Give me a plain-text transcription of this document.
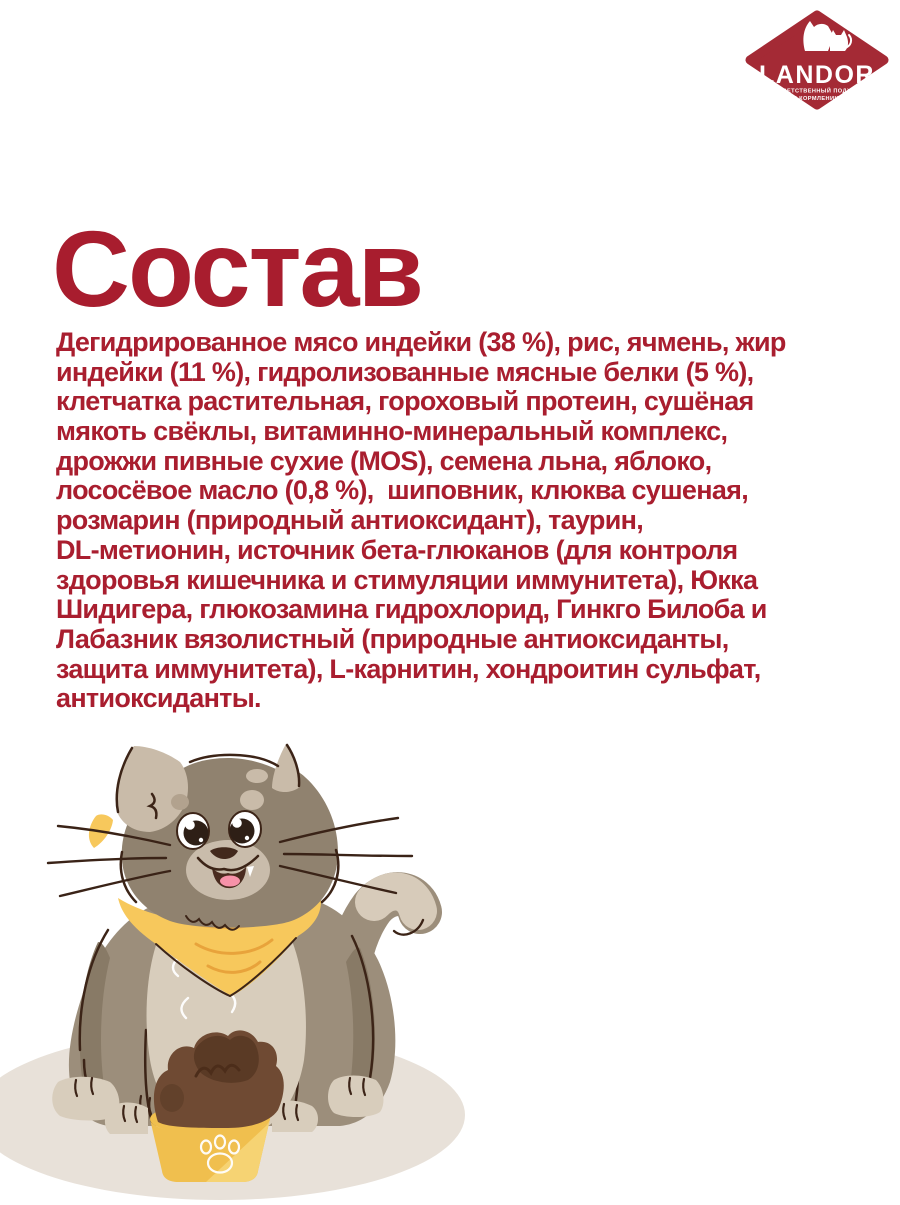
LANDOR
ОТВЕТСТВЕННЫЙ ПОДХОД
К КОРМЛЕНИЮ
Состав
Дегидрированное мясо индейки (38 %), рис, ячмень, жир
индейки (11 %), гидролизованные мясные белки (5 %),
клетчатка растительная, гороховый протеин, сушёная
мякоть свёклы, витаминно-минеральный комплекс,
дрожжи пивные сухие (MOS), семена льна, яблоко,
лососёвое масло (0,8 %),  шиповник, клюква сушеная,
розмарин (природный антиоксидант), таурин,
DL-метионин, источник бета-глюканов (для контроля
здоровья кишечника и стимуляции иммунитета), Юкка
Шидигера, глюкозамина гидрохлорид, Гинкго Билоба и
Лабазник вязолистный (природные антиоксиданты,
защита иммунитета), L-карнитин, хондроитин сульфат,
антиоксиданты.
